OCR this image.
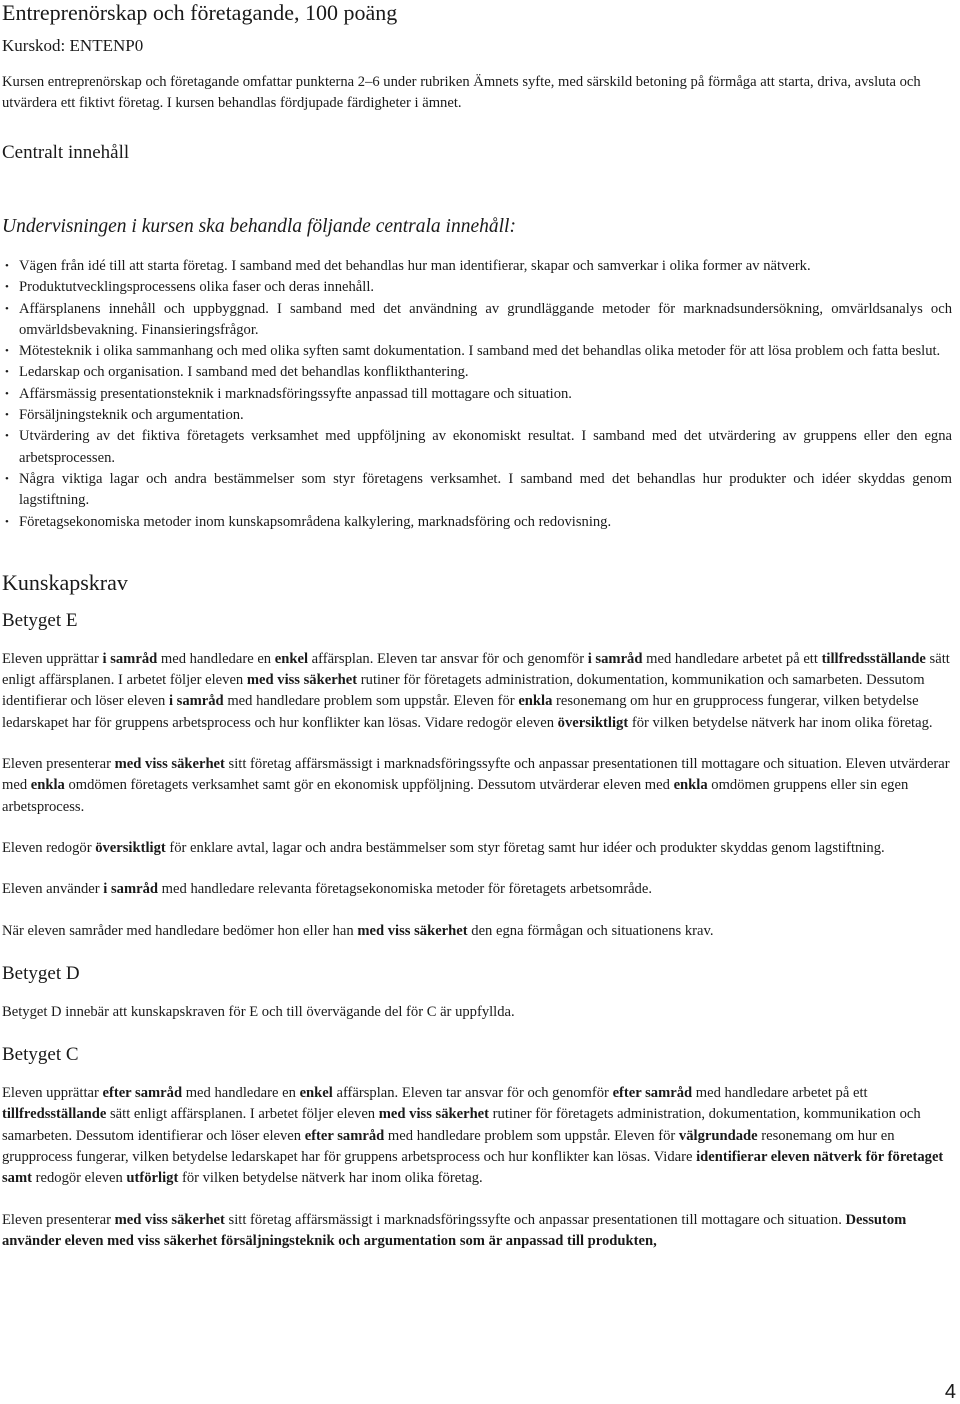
Entreprenörskap och företagande, 100 poäng

Kurskod: ENTENP0

Kursen entreprenörskap och företagande omfattar punkterna 2–6 under rubriken Ämnets syfte, med särskild betoning på förmåga att starta, driva, avsluta och utvärdera ett fiktivt företag. I kursen behandlas fördjupade färdigheter i ämnet.

Centralt innehåll
Undervisningen i kursen ska behandla följande centrala innehåll:
• Vägen från idé till att starta företag. I samband med det behandlas hur man identifierar, skapar och samverkar i olika former av nätverk.
• Produktutvecklingsprocessens olika faser och deras innehåll.
• Affärsplanens innehåll och uppbyggnad. I samband med det användning av grundläggande metoder för marknadsundersökning, omvärldsanalys och omvärldsbevakning. Finansieringsfrågor.
• Mötesteknik i olika sammanhang och med olika syften samt dokumentation. I samband med det behandlas olika metoder för att lösa problem och fatta beslut.
• Ledarskap och organisation. I samband med det behandlas konflikthantering.
• Affärsmässig presentationsteknik i marknadsföringssyfte anpassad till mottagare och situation.
• Försäljningsteknik och argumentation.
• Utvärdering av det fiktiva företagets verksamhet med uppföljning av ekonomiskt resultat. I samband med det utvärdering av gruppens eller den egna arbetsprocessen.
• Några viktiga lagar och andra bestämmelser som styr företagens verksamhet. I samband med det behandlas hur produkter och idéer skyddas genom lagstiftning.
• Företagsekonomiska metoder inom kunskapsområdena kalkylering, marknadsföring och redovisning.
Kunskapskrav
Betyget E

Eleven upprättar i samråd med handledare en enkel affärsplan. Eleven tar ansvar för och genomför i samråd med handledare arbetet på ett tillfredsställande sätt enligt affärsplanen. I arbetet följer eleven med viss säkerhet rutiner för företagets administration, dokumentation, kommunikation och samarbeten. Dessutom identifierar och löser eleven i samråd med handledare problem som uppstår. Eleven för enkla resonemang om hur en grupprocess fungerar, vilken betydelse ledarskapet har för gruppens arbetsprocess och hur konflikter kan lösas. Vidare redogör eleven översiktligt för vilken betydelse nätverk har inom olika företag.

Eleven presenterar med viss säkerhet sitt företag affärsmässigt i marknadsföringssyfte och anpassar presentationen till mottagare och situation. Eleven utvärderar med enkla omdömen företagets verksamhet samt gör en ekonomisk uppföljning. Dessutom utvärderar eleven med enkla omdömen gruppens eller sin egen arbetsprocess.

Eleven redogör översiktligt för enklare avtal, lagar och andra bestämmelser som styr företag samt hur idéer och produkter skyddas genom lagstiftning.

Eleven använder i samråd med handledare relevanta företagsekonomiska metoder för företagets arbetsområde.

När eleven samråder med handledare bedömer hon eller han med viss säkerhet den egna förmågan och situationens krav.

Betyget D

Betyget D innebär att kunskapskraven för E och till övervägande del för C är uppfyllda.

Betyget C

Eleven upprättar efter samråd med handledare en enkel affärsplan. Eleven tar ansvar för och genomför efter samråd med handledare arbetet på ett tillfredsställande sätt enligt affärsplanen. I arbetet följer eleven med viss säkerhet rutiner för företagets administration, dokumentation, kommunikation och samarbeten. Dessutom identifierar och löser eleven efter samråd med handledare problem som uppstår. Eleven för välgrundade resonemang om hur en grupprocess fungerar, vilken betydelse ledarskapet har för gruppens arbetsprocess och hur konflikter kan lösas. Vidare identifierar eleven nätverk för företaget samt redogör eleven utförligt för vilken betydelse nätverk har inom olika företag.

Eleven presenterar med viss säkerhet sitt företag affärsmässigt i marknadsföringssyfte och anpassar presentationen till mottagare och situation. Dessutom använder eleven med viss säkerhet försäljningsteknik och argumentation som är anpassad till produkten,

4
